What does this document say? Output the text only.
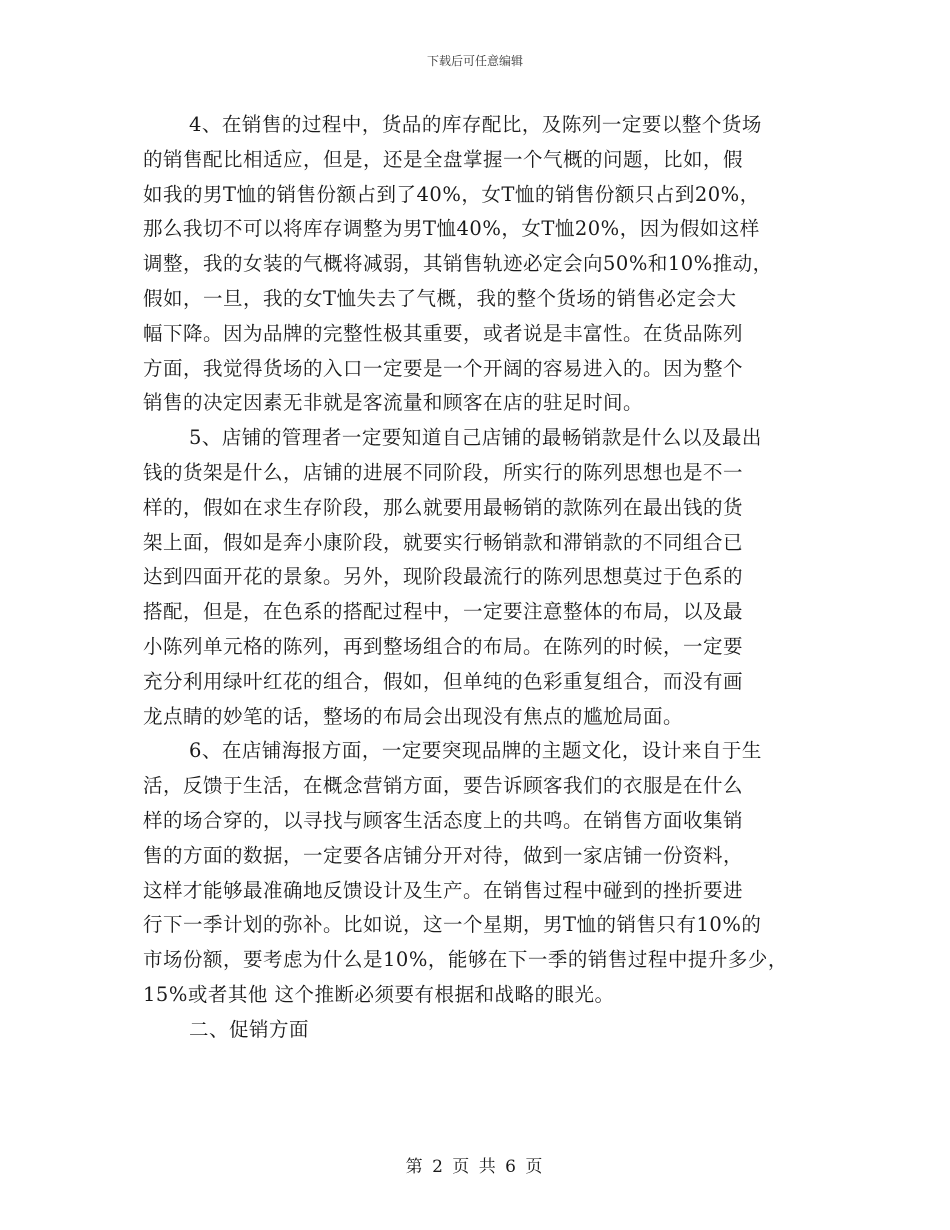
下载后可任意编辑

4、在销售的过程中，货品的库存配比，及陈列一定要以整个货场
的销售配比相适应，但是，还是全盘掌握一个气概的问题，比如，假
如我的男T恤的销售份额占到了40%，女T恤的销售份额只占到20%，
那么我切不可以将库存调整为男T恤40%，女T恤20%，因为假如这样
调整，我的女装的气概将减弱，其销售轨迹必定会向50%和10%推动，
假如，一旦，我的女T恤失去了气概，我的整个货场的销售必定会大
幅下降。因为品牌的完整性极其重要，或者说是丰富性。在货品陈列
方面，我觉得货场的入口一定要是一个开阔的容易进入的。因为整个
销售的决定因素无非就是客流量和顾客在店的驻足时间。

5、店铺的管理者一定要知道自己店铺的最畅销款是什么以及最出
钱的货架是什么，店铺的进展不同阶段，所实行的陈列思想也是不一
样的，假如在求生存阶段，那么就要用最畅销的款陈列在最出钱的货
架上面，假如是奔小康阶段，就要实行畅销款和滞销款的不同组合已
达到四面开花的景象。另外，现阶段最流行的陈列思想莫过于色系的
搭配，但是，在色系的搭配过程中，一定要注意整体的布局，以及最
小陈列单元格的陈列，再到整场组合的布局。在陈列的时候，一定要
充分利用绿叶红花的组合，假如，但单纯的色彩重复组合，而没有画
龙点睛的妙笔的话，整场的布局会出现没有焦点的尴尬局面。

6、在店铺海报方面，一定要突现品牌的主题文化，设计来自于生
活，反馈于生活，在概念营销方面，要告诉顾客我们的衣服是在什么
样的场合穿的，以寻找与顾客生活态度上的共鸣。在销售方面收集销
售的方面的数据，一定要各店铺分开对待，做到一家店铺一份资料，
这样才能够最准确地反馈设计及生产。在销售过程中碰到的挫折要进
行下一季计划的弥补。比如说，这一个星期，男T恤的销售只有10%的
市场份额，要考虑为什么是10%，能够在下一季的销售过程中提升多少，
15%或者其他 这个推断必须要有根据和战略的眼光。

二、促销方面

第 2 页 共 6 页
